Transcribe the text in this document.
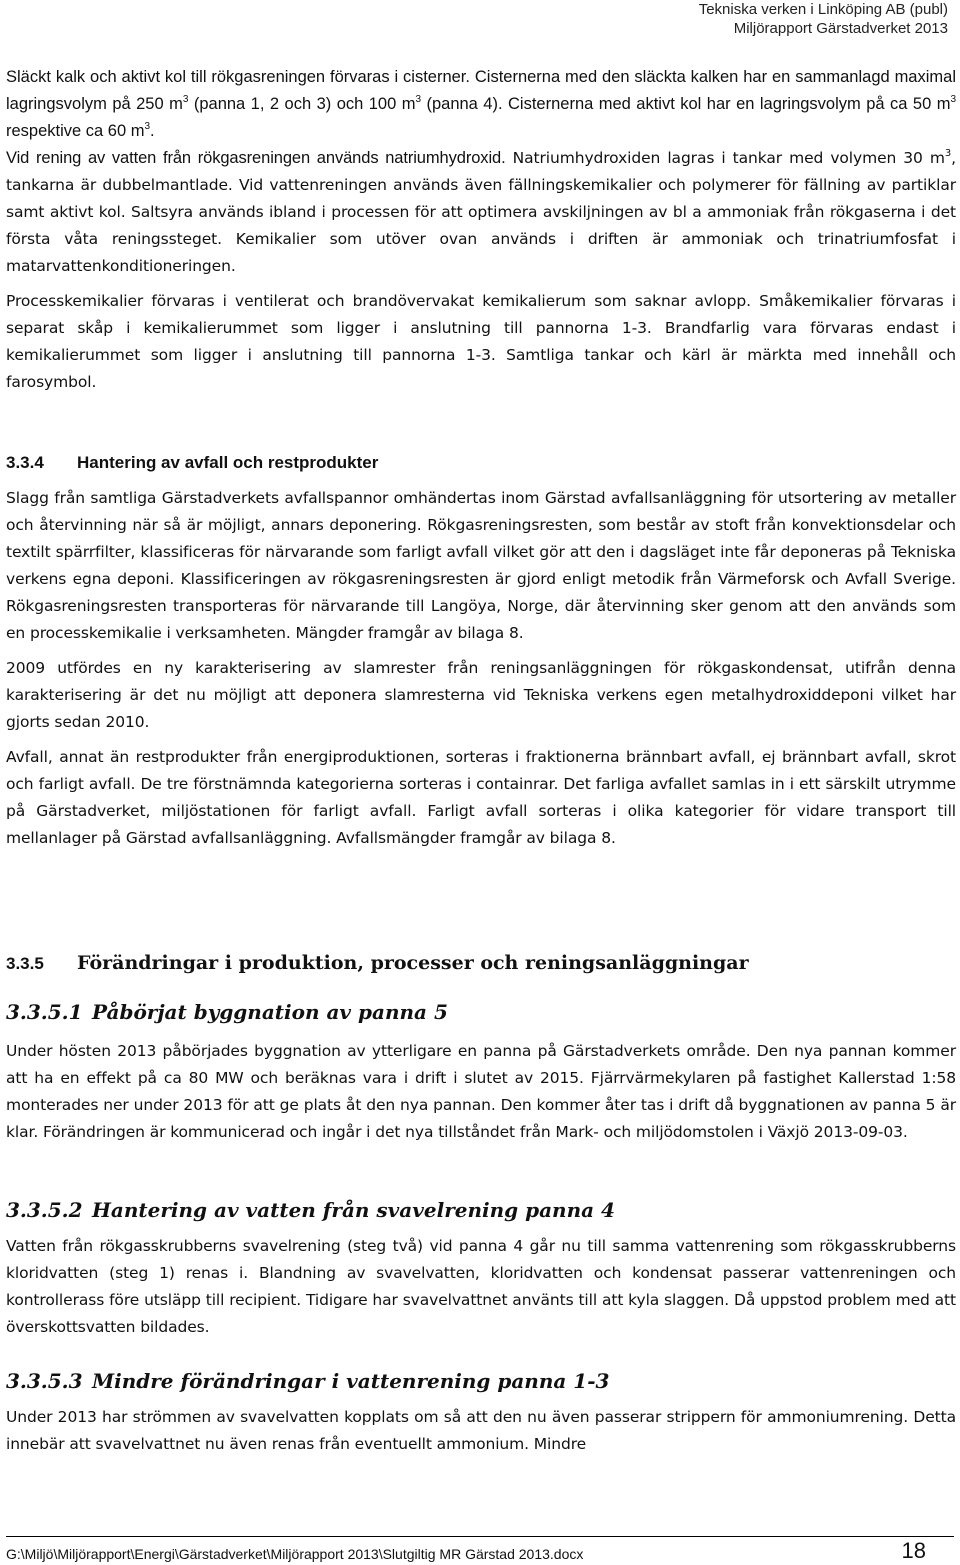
Tekniska verken i Linköping AB (publ)
Miljörapport Gärstadverket 2013

Släckt kalk och aktivt kol till rökgasreningen förvaras i cisterner. Cisternerna med den släckta kalken har en sammanlagd maximal lagringsvolym på 250 $m^3$ (panna 1, 2 och 3) och 100 $m^3$ (panna 4). Cisternerna med aktivt kol har en lagringsvolym på ca 50 $m^3$ respektive ca 60 $m^3$.

Vid rening av vatten från rökgasreningen används natriumhydroxid. Natriumhydroxiden lagras i tankar med volymen 30 $m^3$, tankarna är dubbelmantlade. Vid vattenreningen används även fällningskemikalier och polymerer för fällning av partiklar samt aktivt kol. Saltsyra används ibland i processen för att optimera avskiljningen av bl a ammoniak från rökgaserna i det första våta reningssteget. Kemikalier som utöver ovan används i driften är ammoniak och trinatriumfosfat i matarvattenkonditioneringen.

Processkemikalier förvaras i ventilerat och brandövervakat kemikalierum som saknar avlopp. Småkemikalier förvaras i separat skåp i kemikalierummet som ligger i anslutning till pannorna 1-3. Brandfarlig vara förvaras endast i kemikalierummet som ligger i anslutning till pannorna 1-3. Samtliga tankar och kärl är märkta med innehåll och farosymbol.

3.3.4 Hantering av avfall och restprodukter

Slagg från samtliga Gärstadverkets avfallspannor omhändertas inom Gärstad avfallsanläggning för utsortering av metaller och återvinning när så är möjligt, annars deponering. Rökgasreningsresten, som består av stoft från konvektionsdelar och textilt spärrfilter, klassificeras för närvarande som farligt avfall vilket gör att den i dagsläget inte får deponeras på Tekniska verkens egna deponi. Klassificeringen av rökgasreningsresten är gjord enligt metodik från Värmeforsk och Avfall Sverige. Rökgasreningsresten transporteras för närvarande till Langöya, Norge, där återvinning sker genom att den används som en processkemikalie i verksamheten. Mängder framgår av bilaga 8.

2009 utfördes en ny karakterisering av slamrester från reningsanläggningen för rökgaskondensat, utifrån denna karakterisering är det nu möjligt att deponera slamresterna vid Tekniska verkens egen metalhydroxiddeponi vilket har gjorts sedan 2010.

Avfall, annat än restprodukter från energiproduktionen, sorteras i fraktionerna brännbart avfall, ej brännbart avfall, skrot och farligt avfall. De tre förstnämnda kategorierna sorteras i containrar. Det farliga avfallet samlas in i ett särskilt utrymme på Gärstadverket, miljöstationen för farligt avfall. Farligt avfall sorteras i olika kategorier för vidare transport till mellanlager på Gärstad avfallsanläggning. Avfallsmängder framgår av bilaga 8.

3.3.5 Förändringar i produktion, processer och reningsanläggningar
3.3.5.1 Påbörjat byggnation av panna 5

Under hösten 2013 påbörjades byggnation av ytterligare en panna på Gärstadverkets område. Den nya pannan kommer att ha en effekt på ca 80 MW och beräknas vara i drift i slutet av 2015. Fjärrvärmekylaren på fastighet Kallerstad 1:58 monterades ner under 2013 för att ge plats åt den nya pannan. Den kommer åter tas i drift då byggnationen av panna 5 är klar. Förändringen är kommunicerad och ingår i det nya tillståndet från Mark- och miljödomstolen i Växjö 2013-09-03.

3.3.5.2 Hantering av vatten från svavelrening panna 4

Vatten från rökgasskrubberns svavelrening (steg två) vid panna 4 går nu till samma vattenrening som rökgasskrubberns kloridvatten (steg 1) renas i. Blandning av svavelvatten, kloridvatten och kondensat passerar vattenreningen och kontrollerass före utsläpp till recipient. Tidigare har svavelvattnet använts till att kyla slaggen. Då uppstod problem med att överskottsvatten bildades.

3.3.5.3 Mindre förändringar i vattenrening panna 1-3

Under 2013 har strömmen av svavelvatten kopplats om så att den nu även passerar strippern för ammoniumrening. Detta innebär att svavelvattnet nu även renas från eventuellt ammonium. Mindre

G:\Miljö\Miljörapport\Energi\Gärstadverket\Miljörapport 2013\Slutgiltig MR Gärstad 2013.docx	18
